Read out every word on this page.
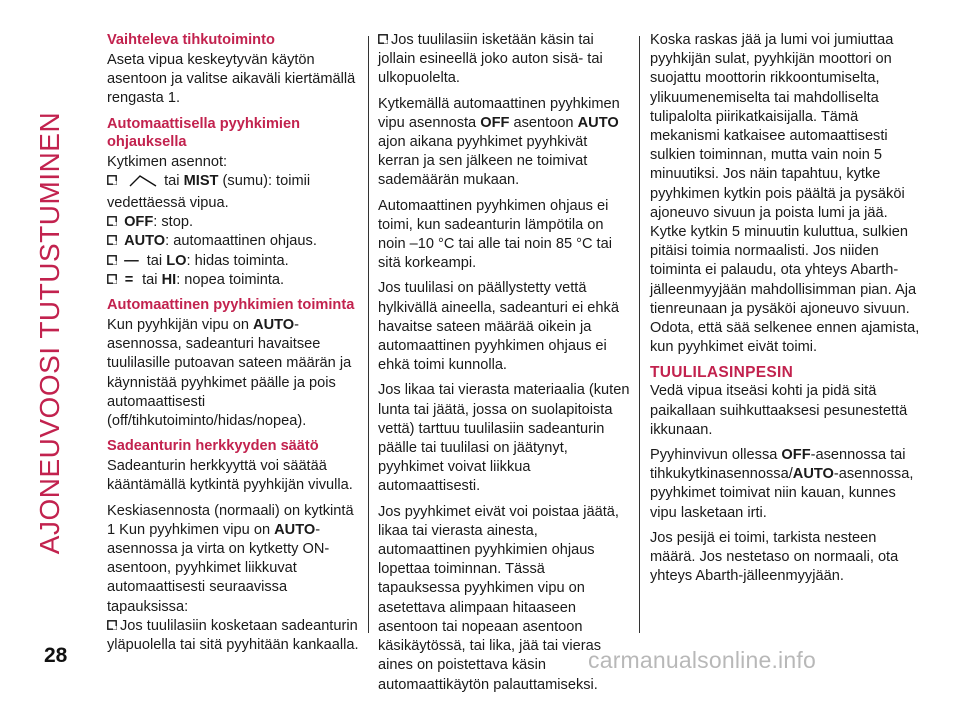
AJONEUVOOSI TUTUSTUMINEN
Vaihteleva tihkutoiminto

Aseta vipua keskeytyvän käytön asentoon ja valitse aikaväli kiertämällä rengasta 1.

Automaattisella pyyhkimien ohjauksella

Kytkimen asennot:

tai MIST (sumu): toimii
vedettäessä vipua.
OFF: stop.
AUTO: automaattinen ohjaus.
— tai LO: hidas toiminta.
= tai HI: nopea toiminta.
Automaattinen pyyhkimien toiminta

Kun pyyhkijän vipu on AUTO-asennossa, sadeanturi havaitsee tuulilasille putoavan sateen määrän ja käynnistää pyyhkimet päälle ja pois automaattisesti (off/tihkutoiminto/hidas/nopea).

Sadeanturin herkkyyden säätö

Sadeanturin herkkyyttä voi säätää kääntämällä kytkintä pyyhkijän vivulla.

Keskiasennosta (normaali) on kytkintä 1 Kun pyyhkimen vipu on AUTO-asennossa ja virta on kytketty ON-asentoon, pyyhkimet liikkuvat automaattisesti seuraavissa tapauksissa:

Jos tuulilasiin kosketaan sadeanturin yläpuolella tai sitä pyyhitään kankaalla.

Jos tuulilasiin isketään käsin tai jollain esineellä joko auton sisä- tai ulkopuolelta.

Kytkemällä automaattinen pyyhkimen vipu asennosta OFF asentoon AUTO ajon aikana pyyhkimet pyyhkivät kerran ja sen jälkeen ne toimivat sademäärän mukaan.

Automaattinen pyyhkimen ohjaus ei toimi, kun sadeanturin lämpötila on noin –10 °C tai alle tai noin 85 °C tai sitä korkeampi.

Jos tuulilasi on päällystetty vettä hylkivällä aineella, sadeanturi ei ehkä havaitse sateen määrää oikein ja automaattinen pyyhkimen ohjaus ei ehkä toimi kunnolla.

Jos likaa tai vierasta materiaalia (kuten lunta tai jäätä, jossa on suolapitoista vettä) tarttuu tuulilasiin sadeanturin päälle tai tuulilasi on jäätynyt, pyyhkimet voivat liikkua automaattisesti.

Jos pyyhkimet eivät voi poistaa jäätä, likaa tai vierasta ainesta, automaattinen pyyhkimien ohjaus lopettaa toiminnan. Tässä tapauksessa pyyhkimen vipu on asetettava alimpaan hitaaseen asentoon tai nopeaan asentoon käsikäytössä, tai lika, jää tai vieras aines on poistettava käsin automaattikäytön palauttamiseksi.

Koska raskas jää ja lumi voi jumiuttaa pyyhkijän sulat, pyyhkijän moottori on suojattu moottorin rikkoontumiselta, ylikuumenemiselta tai mahdolliselta tulipalolta piirikatkaisijalla. Tämä mekanismi katkaisee automaattisesti sulkien toiminnan, mutta vain noin 5 minuutiksi. Jos näin tapahtuu, kytke pyyhkimen kytkin pois päältä ja pysäköi ajoneuvo sivuun ja poista lumi ja jää. Kytke kytkin 5 minuutin kuluttua, sulkien pitäisi toimia normaalisti. Jos niiden toiminta ei palaudu, ota yhteys Abarth-jälleenmyyjään mahdollisimman pian. Aja tienreunaan ja pysäköi ajoneuvo sivuun. Odota, että sää selkenee ennen ajamista, kun pyyhkimet eivät toimi.

TUULILASINPESIN

Vedä vipua itseäsi kohti ja pidä sitä paikallaan suihkuttaaksesi pesunestettä ikkunaan.

Pyyhinvivun ollessa OFF-asennossa tai tihkukytkinasennossa/AUTO-asennossa, pyyhkimet toimivat niin kauan, kunnes vipu lasketaan irti.

Jos pesijä ei toimi, tarkista nesteen määrä. Jos nestetaso on normaali, ota yhteys Abarth-jälleenmyyjään.

28	carmanualsonline.info
